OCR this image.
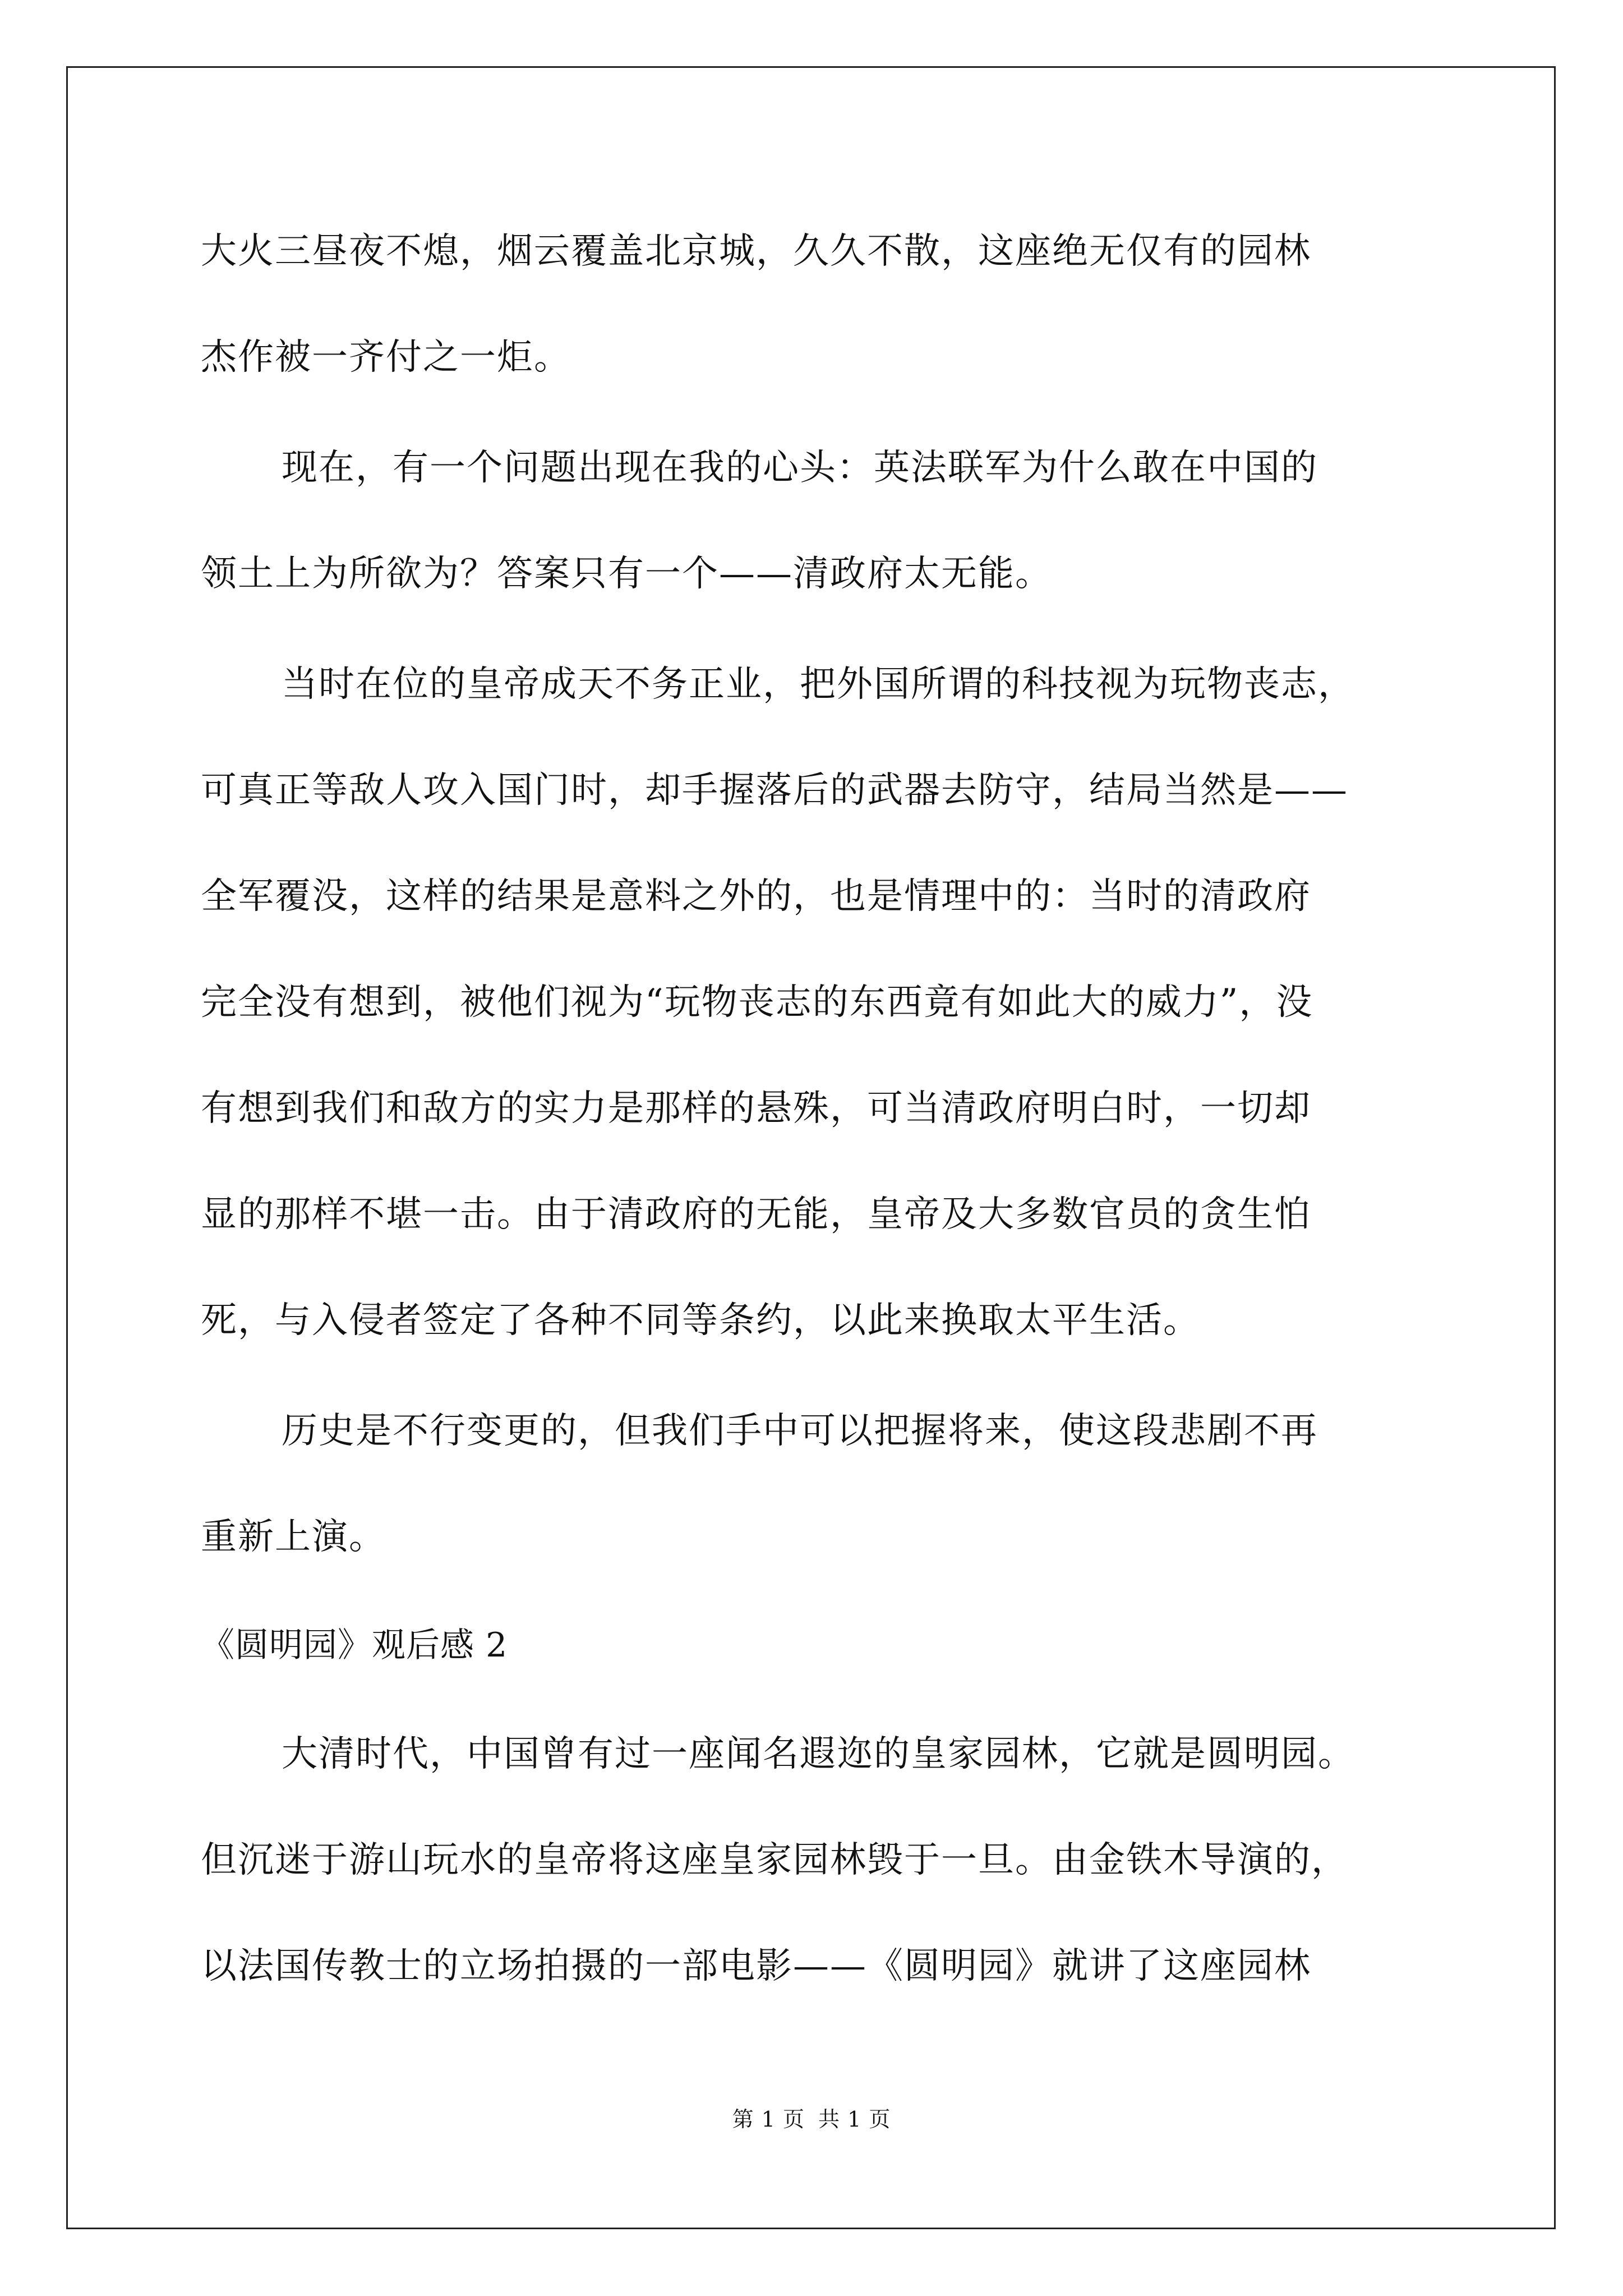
大火三昼夜不熄，烟云覆盖北京城，久久不散，这座绝无仅有的园林
杰作被一齐付之一炬。
现在，有一个问题出现在我的心头：英法联军为什么敢在中国的
领土上为所欲为？答案只有一个——清政府太无能。
当时在位的皇帝成天不务正业，把外国所谓的科技视为玩物丧志，
可真正等敌人攻入国门时，却手握落后的武器去防守，结局当然是——
全军覆没，这样的结果是意料之外的，也是情理中的：当时的清政府
完全没有想到，被他们视为“玩物丧志的东西竟有如此大的威力”，没
有想到我们和敌方的实力是那样的悬殊，可当清政府明白时，一切却
显的那样不堪一击。由于清政府的无能，皇帝及大多数官员的贪生怕
死，与入侵者签定了各种不同等条约，以此来换取太平生活。
历史是不行变更的，但我们手中可以把握将来，使这段悲剧不再
重新上演。
《圆明园》观后感 2
大清时代，中国曾有过一座闻名遐迩的皇家园林，它就是圆明园。
但沉迷于游山玩水的皇帝将这座皇家园林毁于一旦。由金铁木导演的，
以法国传教士的立场拍摄的一部电影——《圆明园》就讲了这座园林
第 1 页 共 1 页
